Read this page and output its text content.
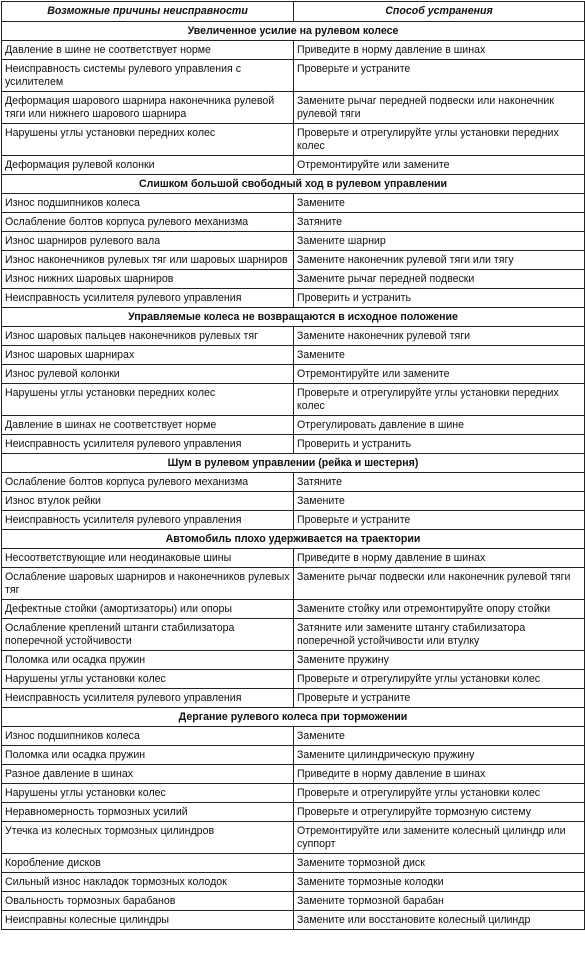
Возможные причины неисправности	Способ устранения
Увеличенное усилие на рулевом колесе	
Давление в шине не соответствует норме	Приведите в норму давление в шинах
Неисправность системы рулевого управления с усилителем	Проверьте и устраните
Деформация шарового шарнира наконечника рулевой тяги или нижнего шарового шарнира	Замените рычаг передней подвески или наконечник рулевой тяги
Нарушены углы установки передних колес	Проверьте и отрегулируйте углы установки передних колес
Деформация рулевой колонки	Отремонтируйте или замените
Слишком большой свободный ход в рулевом управлении	
Износ подшипников колеса	Замените
Ослабление болтов корпуса рулевого механизма	Затяните
Износ шарниров рулевого вала	Замените шарнир
Износ наконечников рулевых тяг или шаровых шарниров	Замените наконечник рулевой тяги или тягу
Износ нижних шаровых шарниров	Замените рычаг передней подвески
Неисправность усилителя рулевого управления	Проверить и устранить
Управляемые колеса не возвращаются в исходное положение	
Износ шаровых пальцев наконечников рулевых тяг	Замените наконечник рулевой тяги
Износ шаровых шарнирах	Замените
Износ рулевой колонки	Отремонтируйте или замените
Нарушены углы установки передних колес	Проверьте и отрегулируйте углы установки передних колес
Давление в шинах не соответствует норме	Отрегулировать давление в шине
Неисправность усилителя рулевого управления	Проверить и устранить
Шум в рулевом управлении (рейка и шестерня)	
Ослабление болтов корпуса рулевого механизма	Затяните
Износ втулок рейки	Замените
Неисправность усилителя рулевого управления	Проверьте и устраните
Автомобиль плохо удерживается на траектории	
Несоответствующие или неодинаковые шины	Приведите в норму давление в шинах
Ослабление шаровых шарниров и наконечников рулевых тяг	Замените рычаг подвески или наконечник рулевой тяги
Дефектные стойки (амортизаторы) или опоры	Замените стойку или отремонтируйте опору стойки
Ослабление креплений штанги стабилизатора поперечной устойчивости	Затяните или замените штангу стабилизатора поперечной устойчивости или втулку
Поломка или осадка пружин	Замените пружину
Нарушены углы установки колес	Проверьте и отрегулируйте углы установки колес
Неисправность усилителя рулевого управления	Проверьте и устраните
Дергание рулевого колеса при торможении	
Износ подшипников колеса	Замените
Поломка или осадка пружин	Замените цилиндрическую пружину
Разное давление в шинах	Приведите в норму давление в шинах
Нарушены углы установки колес	Проверьте и отрегулируйте углы установки колес
Неравномерность тормозных усилий	Проверьте и отрегулируйте тормозную систему
Утечка из колесных тормозных цилиндров	Отремонтируйте или замените колесный цилиндр или суппорт
Коробление дисков	Замените тормозной диск
Сильный износ накладок тормозных колодок	Замените тормозные колодки
Овальность тормозных барабанов	Замените тормозной барабан
Неисправны колесные цилиндры	Замените или восстановите колесный цилиндр
